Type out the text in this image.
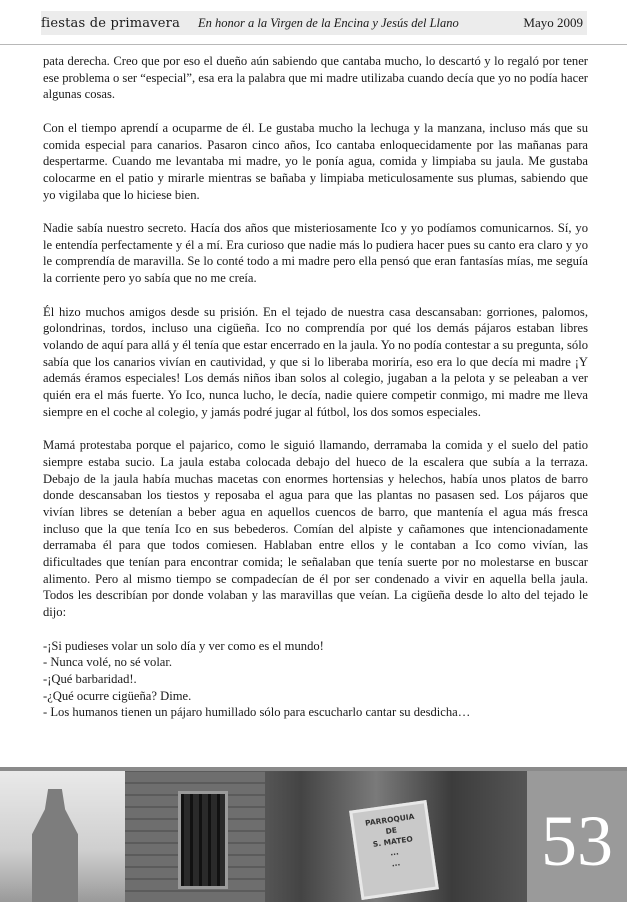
fiestas de primavera En honor a la Virgen de la Encina y Jesús del Llano	Mayo 2009

pata derecha. Creo que por eso el dueño aún sabiendo que cantaba mucho, lo descartó y lo regaló por tener ese problema o ser “especial”, esa era la palabra que mi madre utilizaba cuando decía que yo no podía hacer algunas cosas.

Con el tiempo aprendí a ocuparme de él. Le gustaba mucho la lechuga y la manzana, incluso más que su comida especial para canarios. Pasaron cinco años, Ico cantaba enloquecidamente por las mañanas para despertarme. Cuando me levantaba mi madre, yo le ponía agua, comida y limpiaba su jaula. Me gustaba colocarme en el patio y mirarle mientras se bañaba y limpiaba meticulosamente sus plumas, sabiendo que yo vigilaba que lo hiciese bien.

Nadie sabía nuestro secreto. Hacía dos años que misteriosamente Ico y yo podíamos comunicarnos. Sí, yo le entendía perfectamente y él a mí. Era curioso que nadie más lo pudiera hacer pues su canto era claro y yo le comprendía de maravilla. Se lo conté todo a mi madre pero ella pensó que eran fantasías mías, me seguía la corriente pero yo sabía que no me creía.

Él hizo muchos amigos desde su prisión. En el tejado de nuestra casa descansaban: gorriones, palomos, golondrinas, tordos, incluso una cigüeña. Ico no comprendía por qué los demás pájaros estaban libres volando de aquí para allá y él tenía que estar encerrado en la jaula. Yo no podía contestar a su pregunta, sólo sabía que los canarios vivían en cautividad, y que si lo liberaba moriría, eso era lo que decía mi madre ¡Y además éramos especiales! Los demás niños iban solos al colegio, jugaban a la pelota y se peleaban a ver quién era el más fuerte. Yo Ico, nunca lucho, le decía, nadie quiere competir conmigo, mi madre me lleva siempre en el coche al colegio, y jamás podré jugar al fútbol, los dos somos especiales.

Mamá protestaba porque el pajarico, como le siguió llamando, derramaba la comida y el suelo del patio siempre estaba sucio. La jaula estaba colocada debajo del hueco de la escalera que subía a la terraza. Debajo de la jaula había muchas macetas con enormes hortensias y helechos, había unos platos de barro donde descansaban los tiestos y reposaba el agua para que las plantas no pasasen sed. Los pájaros que vivían libres se detenían a beber agua en aquellos cuencos de barro, que mantenía el agua más fresca incluso que la que tenía Ico en sus bebederos. Comían del alpiste y cañamones que intencionadamente derramaba él para que todos comiesen. Hablaban entre ellos y le contaban a Ico como vivían, las dificultades que tenían para encontrar comida; le señalaban que tenía suerte por no molestarse en buscar alimento. Pero al mismo tiempo se compadecían de él por ser condenado a vivir en aquella bella jaula. Todos les describían por donde volaban y las maravillas que veían. La cigüeña desde lo alto del tejado le dijo:

-¡Si pudieses volar un solo día y ver como es el mundo!
- Nunca volé, no sé volar.
-¡Qué barbaridad!.
-¿Qué ocurre cigüeña? Dime.
- Los humanos tienen un pájaro humillado sólo para escucharlo cantar su desdicha…
PARROQUIA
DE
S. MATEO
...
...	53
